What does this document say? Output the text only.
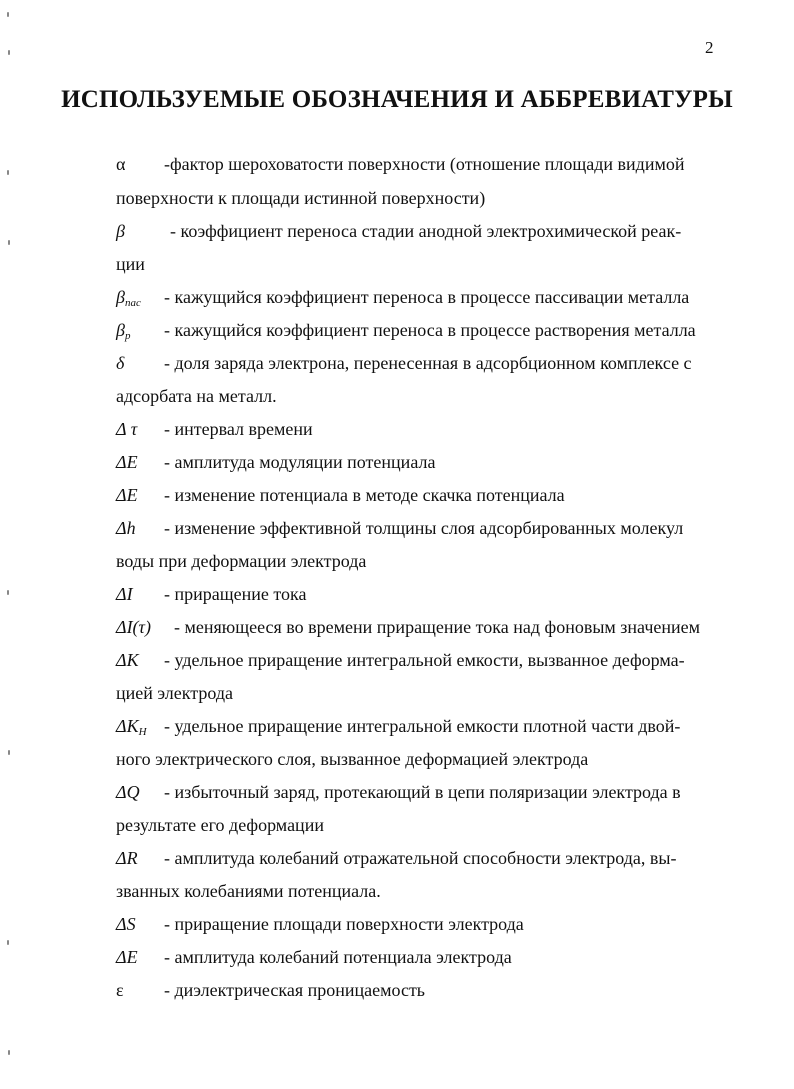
2
ИСПОЛЬЗУЕМЫЕ ОБОЗНАЧЕНИЯ И АББРЕВИАТУРЫ
α -фактор шероховатости поверхности (отношение площади видимой
поверхности к площади истинной поверхности)
β	- коэффициент переноса стадии анодной электрохимической реак-
ции
$\beta_{пас}$ - кажущийся коэффициент переноса в процессе пассивации металла
$\beta_р$ - кажущийся коэффициент переноса в процессе растворения металла
δ - доля заряда электрона, перенесенная в адсорбционном комплексе с
адсорбата на металл.
Δ τ - интервал времени
ΔE - амплитуда модуляции потенциала
ΔE - изменение потенциала в методе скачка потенциала
Δh - изменение эффективной толщины слоя адсорбированных молекул
воды при деформации электрода
ΔI - приращение тока
ΔI(τ) - меняющееся во времени приращение тока над фоновым значением
ΔK - удельное приращение интегральной емкости, вызванное деформа-
цией электрода
$\Delta K_H$ - удельное приращение интегральной емкости плотной части двой-
ного электрического слоя, вызванное деформацией электрода
ΔQ - избыточный заряд, протекающий в цепи поляризации электрода в
результате его деформации
ΔR - амплитуда колебаний отражательной способности электрода, вы-
званных колебаниями потенциала.
ΔS - приращение площади поверхности электрода
ΔE - амплитуда колебаний потенциала электрода
ε - диэлектрическая проницаемость
